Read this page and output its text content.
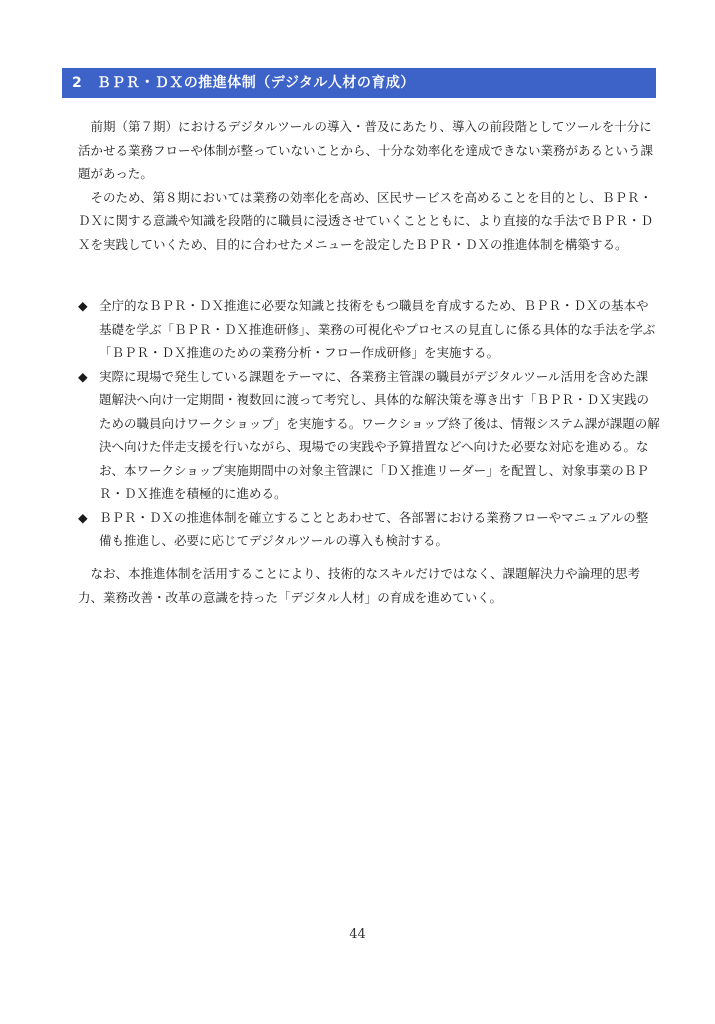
2　ＢＰＲ・ＤＸの推進体制（デジタル人材の育成）

前期（第７期）におけるデジタルツールの導入・普及にあたり、導入の前段階としてツールを十分に活かせる業務フローや体制が整っていないことから、十分な効率化を達成できない業務があるという課題があった。

そのため、第８期においては業務の効率化を高め、区民サービスを高めることを目的とし、ＢＰＲ・ＤＸに関する意識や知識を段階的に職員に浸透させていくことともに、より直接的な手法でＢＰＲ・ＤＸを実践していくため、目的に合わせたメニューを設定したＢＰＲ・ＤＸの推進体制を構築する。

◆ 全庁的なＢＰＲ・ＤＸ推進に必要な知識と技術をもつ職員を育成するため、ＢＰＲ・ＤＸの基本や基礎を学ぶ「ＢＰＲ・ＤＸ推進研修」、業務の可視化やプロセスの見直しに係る具体的な手法を学ぶ「ＢＰＲ・ＤＸ推進のための業務分析・フロー作成研修」を実施する。
◆ 実際に現場で発生している課題をテーマに、各業務主管課の職員がデジタルツール活用を含めた課題解決へ向け一定期間・複数回に渡って考究し、具体的な解決策を導き出す「ＢＰＲ・ＤＸ実践のための職員向けワークショップ」を実施する。ワークショップ終了後は、情報システム課が課題の解決へ向けた伴走支援を行いながら、現場での実践や予算措置などへ向けた必要な対応を進める。なお、本ワークショップ実施期間中の対象主管課に「ＤＸ推進リーダー」を配置し、対象事業のＢＰＲ・ＤＸ推進を積極的に進める。
◆ ＢＰＲ・ＤＸの推進体制を確立することとあわせて、各部署における業務フローやマニュアルの整備も推進し、必要に応じてデジタルツールの導入も検討する。

なお、本推進体制を活用することにより、技術的なスキルだけではなく、課題解決力や論理的思考力、業務改善・改革の意識を持った「デジタル人材」の育成を進めていく。

44
